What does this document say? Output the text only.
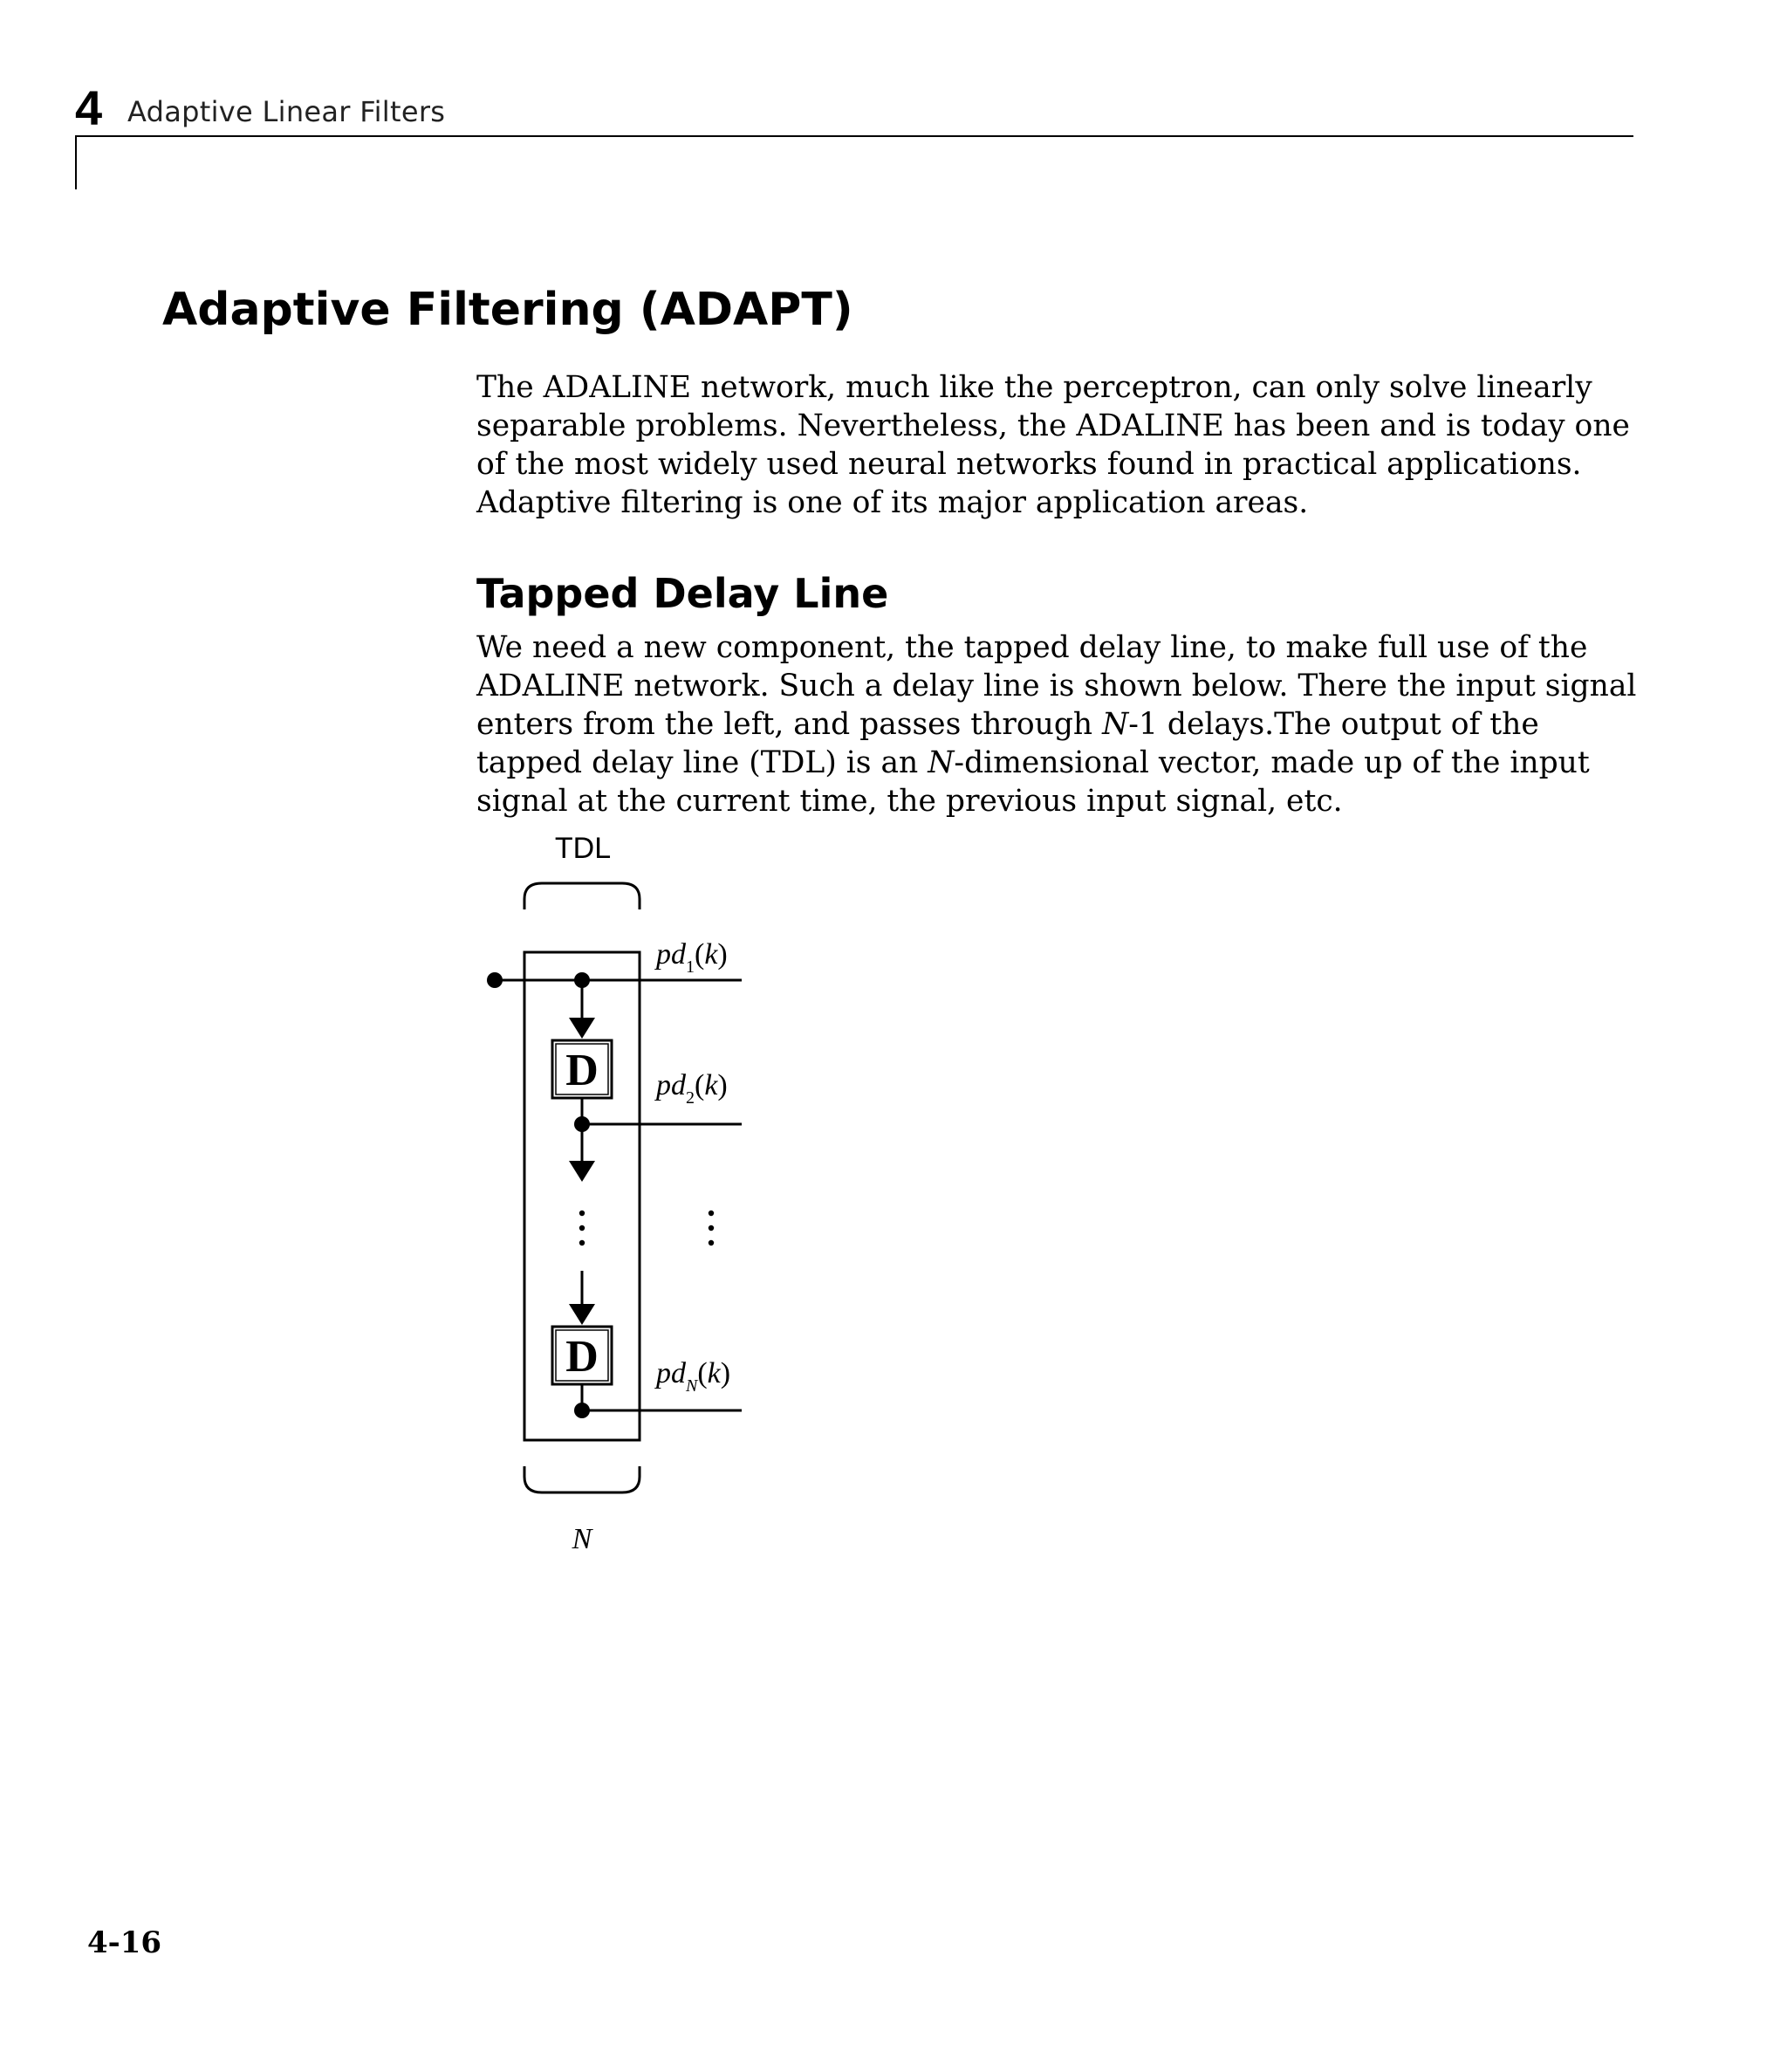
4 Adaptive Linear Filters
Adaptive Filtering (ADAPT)

The ADALINE network, much like the perceptron, can only solve linearly separable problems. Nevertheless, the ADALINE has been and is today one of the most widely used neural networks found in practical applications. Adaptive filtering is one of its major application areas.

Tapped Delay Line

We need a new component, the tapped delay line, to make full use of the ADALINE network. Such a delay line is shown below. There the input signal enters from the left, and passes through N-1 delays.The output of the tapped delay line (TDL) is an N-dimensional vector, made up of the input signal at the current time, the previous input signal, etc.

TDL
D
D
$pd_1(k)$
$pd_2(k)$
$pd_N(k)$
N
4-16
